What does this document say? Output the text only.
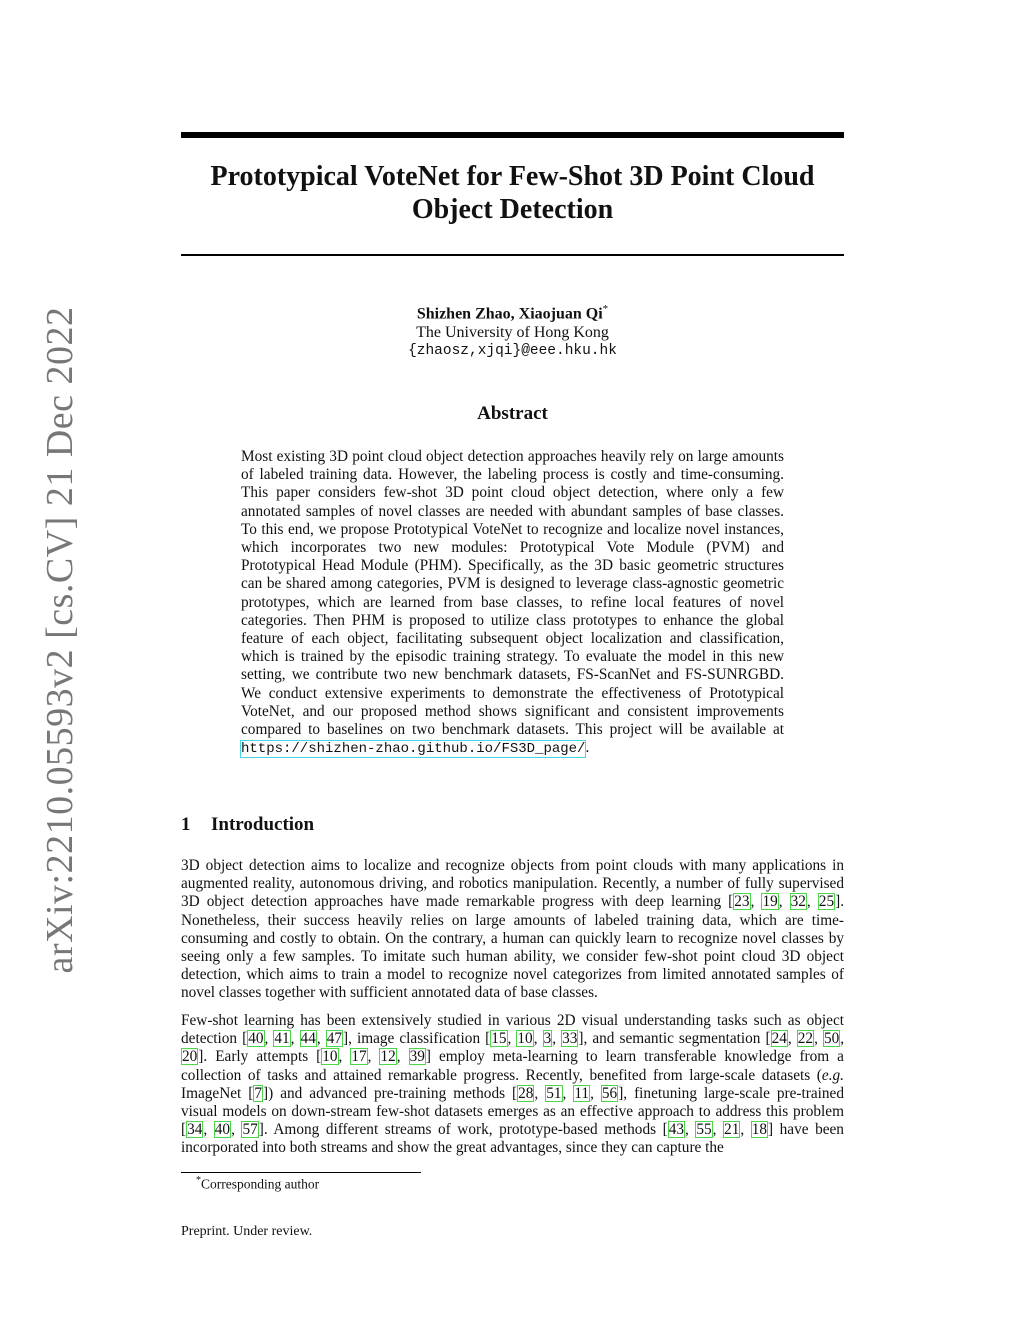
arXiv:2210.05593v2 [cs.CV] 21 Dec 2022
Prototypical VoteNet for Few-Shot 3D Point Cloud
Object Detection
Shizhen Zhao, Xiaojuan Qi*
The University of Hong Kong
{zhaosz,xjqi}@eee.hku.hk
Abstract
Most existing 3D point cloud object detection approaches heavily rely on large amounts of labeled training data. However, the labeling process is costly and time-consuming. This paper considers few-shot 3D point cloud object detection, where only a few annotated samples of novel classes are needed with abundant samples of base classes. To this end, we propose Prototypical VoteNet to recognize and localize novel instances, which incorporates two new modules: Prototypical Vote Module (PVM) and Prototypical Head Module (PHM). Specifically, as the 3D basic geometric structures can be shared among categories, PVM is designed to leverage class-agnostic geometric prototypes, which are learned from base classes, to refine local features of novel categories. Then PHM is proposed to utilize class prototypes to enhance the global feature of each object, facilitating subsequent object localization and classification, which is trained by the episodic training strategy. To evaluate the model in this new setting, we contribute two new benchmark datasets, FS-ScanNet and FS-SUNRGBD. We conduct extensive experiments to demonstrate the effectiveness of Prototypical VoteNet, and our proposed method shows significant and consistent improvements compared to baselines on two benchmark datasets. This project will be available at https://shizhen-zhao.github.io/FS3D_page/.
1 Introduction
3D object detection aims to localize and recognize objects from point clouds with many applications in augmented reality, autonomous driving, and robotics manipulation. Recently, a number of fully supervised 3D object detection approaches have made remarkable progress with deep learning [23, 19, 32, 25]. Nonetheless, their success heavily relies on large amounts of labeled training data, which are time-consuming and costly to obtain. On the contrary, a human can quickly learn to recognize novel classes by seeing only a few samples. To imitate such human ability, we consider few-shot point cloud 3D object detection, which aims to train a model to recognize novel categorizes from limited annotated samples of novel classes together with sufficient annotated data of base classes.
Few-shot learning has been extensively studied in various 2D visual understanding tasks such as object detection [40, 41, 44, 47], image classification [15, 10, 3, 33], and semantic segmentation [24, 22, 50, 20]. Early attempts [10, 17, 12, 39] employ meta-learning to learn transferable knowledge from a collection of tasks and attained remarkable progress. Recently, benefited from large-scale datasets (e.g. ImageNet [7]) and advanced pre-training methods [28, 51, 11, 56], finetuning large-scale pre-trained visual models on down-stream few-shot datasets emerges as an effective approach to address this problem [34, 40, 57]. Among different streams of work, prototype-based methods [43, 55, 21, 18] have been incorporated into both streams and show the great advantages, since they can capture the
*Corresponding author
Preprint. Under review.
